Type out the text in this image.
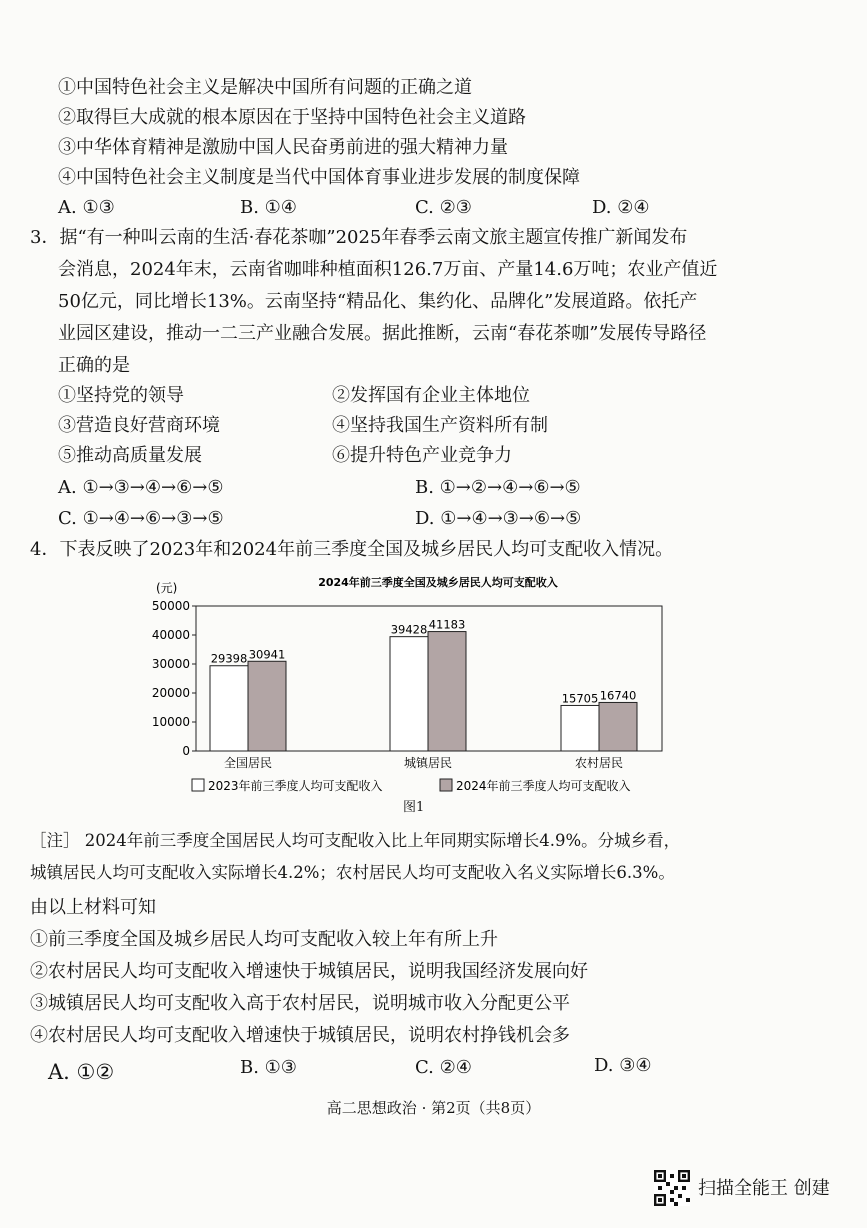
①中国特色社会主义是解决中国所有问题的正确之道
②取得巨大成就的根本原因在于坚持中国特色社会主义道路
③中华体育精神是激励中国人民奋勇前进的强大精神力量
④中国特色社会主义制度是当代中国体育事业进步发展的制度保障
A. ①③	B. ①④	C. ②③	D. ②④
3．据“有一种叫云南的生活·春花茶咖”2025年春季云南文旅主题宣传推广新闻发布
会消息，2024年末，云南省咖啡种植面积126.7万亩、产量14.6万吨；农业产值近
50亿元，同比增长13%。云南坚持“精品化、集约化、品牌化”发展道路。依托产
业园区建设，推动一二三产业融合发展。据此推断，云南“春花茶咖”发展传导路径
正确的是
①坚持党的领导	②发挥国有企业主体地位
③营造良好营商环境	④坚持我国生产资料所有制
⑤推动高质量发展	⑥提升特色产业竞争力
A. ①→③→④→⑥→⑤	B. ①→②→④→⑥→⑤
C. ①→④→⑥→③→⑤	D. ①→④→③→⑥→⑤
4．下表反映了2023年和2024年前三季度全国及城乡居民人均可支配收入情况。
2024年前三季度全国及城乡居民人均可支配收入
(元)
0
10000
20000
30000
40000
50000
29398 30941
39428 41183
15705 16740
全国居民	城镇居民	农村居民
2023年前三季度人均可支配收入	2024年前三季度人均可支配收入
图1
［注］ 2024年前三季度全国居民人均可支配收入比上年同期实际增长4.9%。分城乡看，
城镇居民人均可支配收入实际增长4.2%；农村居民人均可支配收入名义实际增长6.3%。
由以上材料可知
①前三季度全国及城乡居民人均可支配收入较上年有所上升
②农村居民人均可支配收入增速快于城镇居民，说明我国经济发展向好
③城镇居民人均可支配收入高于农村居民，说明城市收入分配更公平
④农村居民人均可支配收入增速快于城镇居民，说明农村挣钱机会多
A. ①②	B. ①③	C. ②④	D. ③④
高二思想政治 · 第2页（共8页）
扫描全能王 创建
